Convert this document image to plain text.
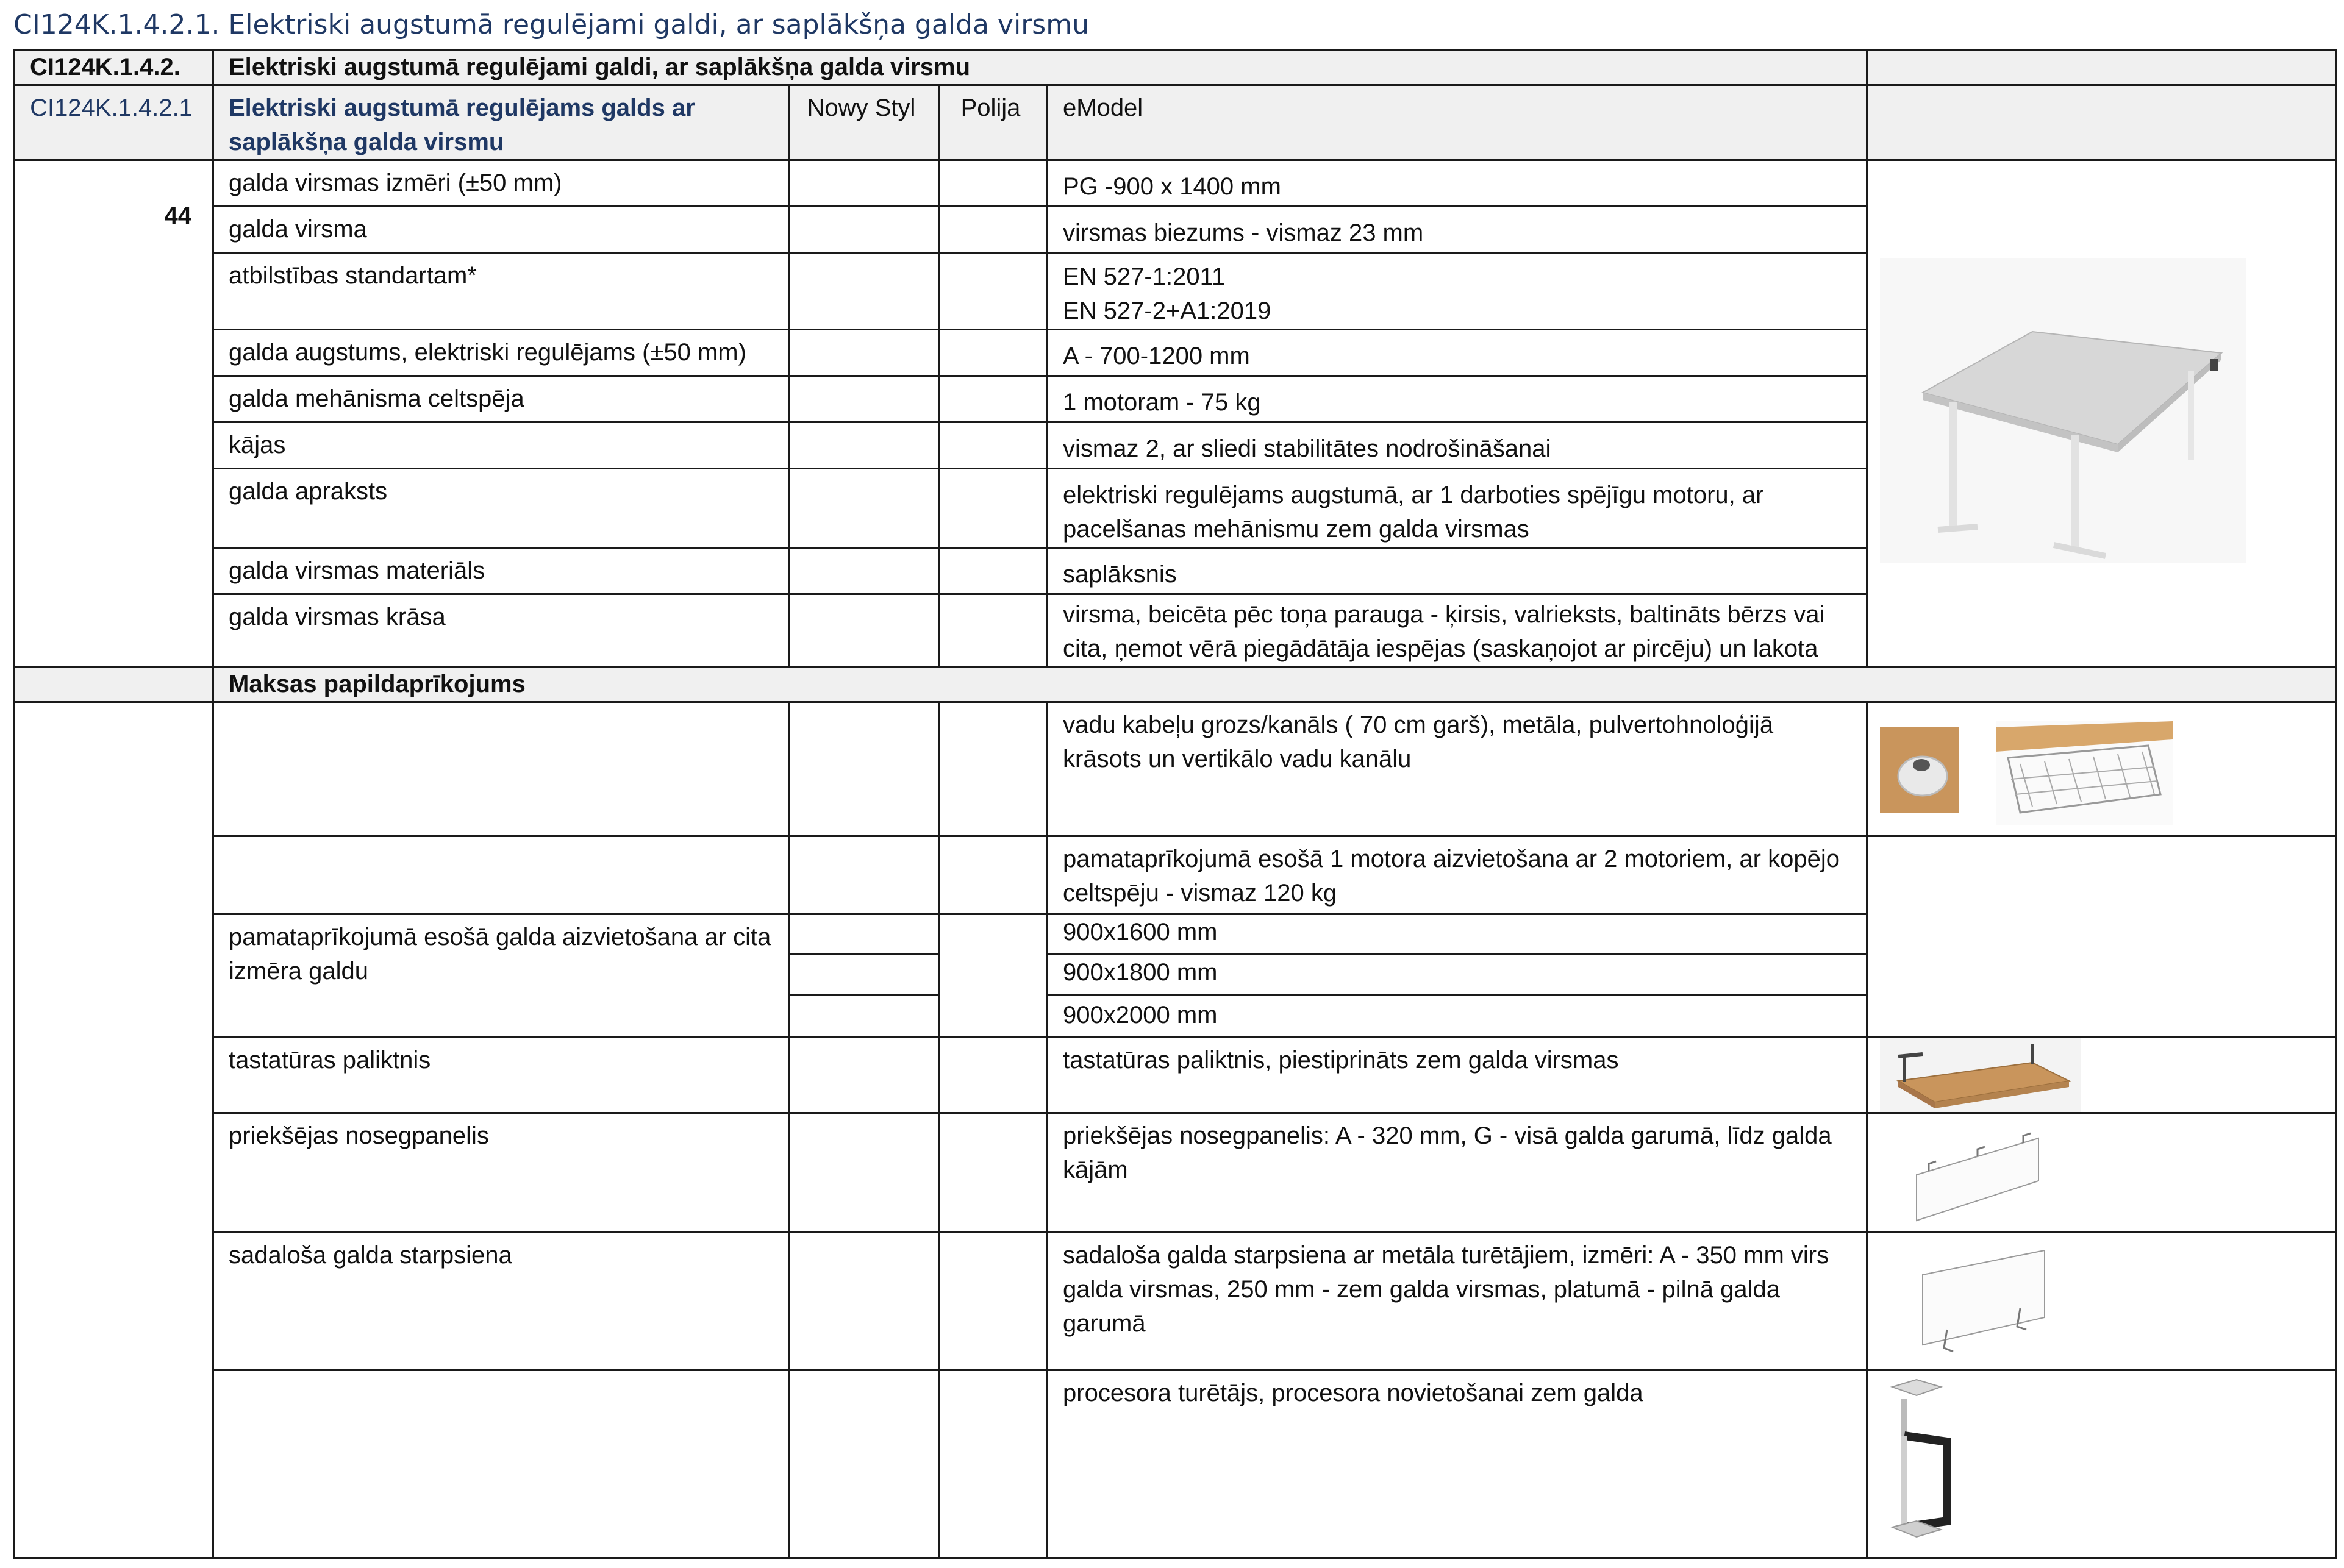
CI124K.1.4.2.1. Elektriski augstumā regulējami galdi, ar saplākšņa galda virsmu
CI124K.1.4.2.	Elektriski augstumā regulējami galdi, ar saplākšņa galda virsmu				
CI124K.1.4.2.1	Elektriski augstumā regulējams galds ar saplākšņa galda virsmu	Nowy Styl	Polija	eModel	
44	galda virsmas izmēri (±50 mm)			PG -900 x 1400 mm	

	galda virsma			virsmas biezums - vismaz 23 mm	
	atbilstības standartam*			EN 527-1:2011
EN 527-2+A1:2019	

	galda augstums, elektriski regulējams (±50 mm)			A - 700-1200 mm	
	galda mehānisma celtspēja			1 motoram - 75 kg	
	kājas			vismaz 2, ar sliedi stabilitātes nodrošināšanai	
	galda apraksts			elektriski regulējams augstumā, ar 1 darboties spējīgu motoru, ar pacelšanas mehānismu zem galda virsmas	
	galda virsmas materiāls			saplāksnis	
	galda virsmas krāsa			virsma, beicēta pēc toņa parauga - ķirsis, valrieksts, baltināts bērzs vai cita, ņemot vērā piegādātāja iespējas (saskaņojot ar pircēju) un lakota	
	Maksas papildaprīkojums				
				vadu kabeļu grozs/kanāls ( 70 cm garš), metāla, pulvertohnoloģijā krāsots un vertikālo vadu kanālu	

				pamataprīkojumā esošā 1 motora aizvietošana ar 2 motoriem, ar kopējo celtspēju - vismaz 120 kg	
	pamataprīkojumā esošā galda aizvietošana ar cita izmēra galdu			900x1600 mm	
				900x1800 mm	
				900x2000 mm	
	tastatūras paliktnis			tastatūras paliktnis, piestiprināts zem galda virsmas	

	priekšējas nosegpanelis			priekšējas nosegpanelis: A - 320 mm, G - visā galda garumā, līdz galda kājām	

	sadaloša galda starpsiena			sadaloša galda starpsiena ar metāla turētājiem, izmēri: A - 350 mm virs galda virsmas, 250 mm - zem galda virsmas, platumā - pilnā galda garumā	

				procesora turētājs, procesora novietošanai zem galda	
